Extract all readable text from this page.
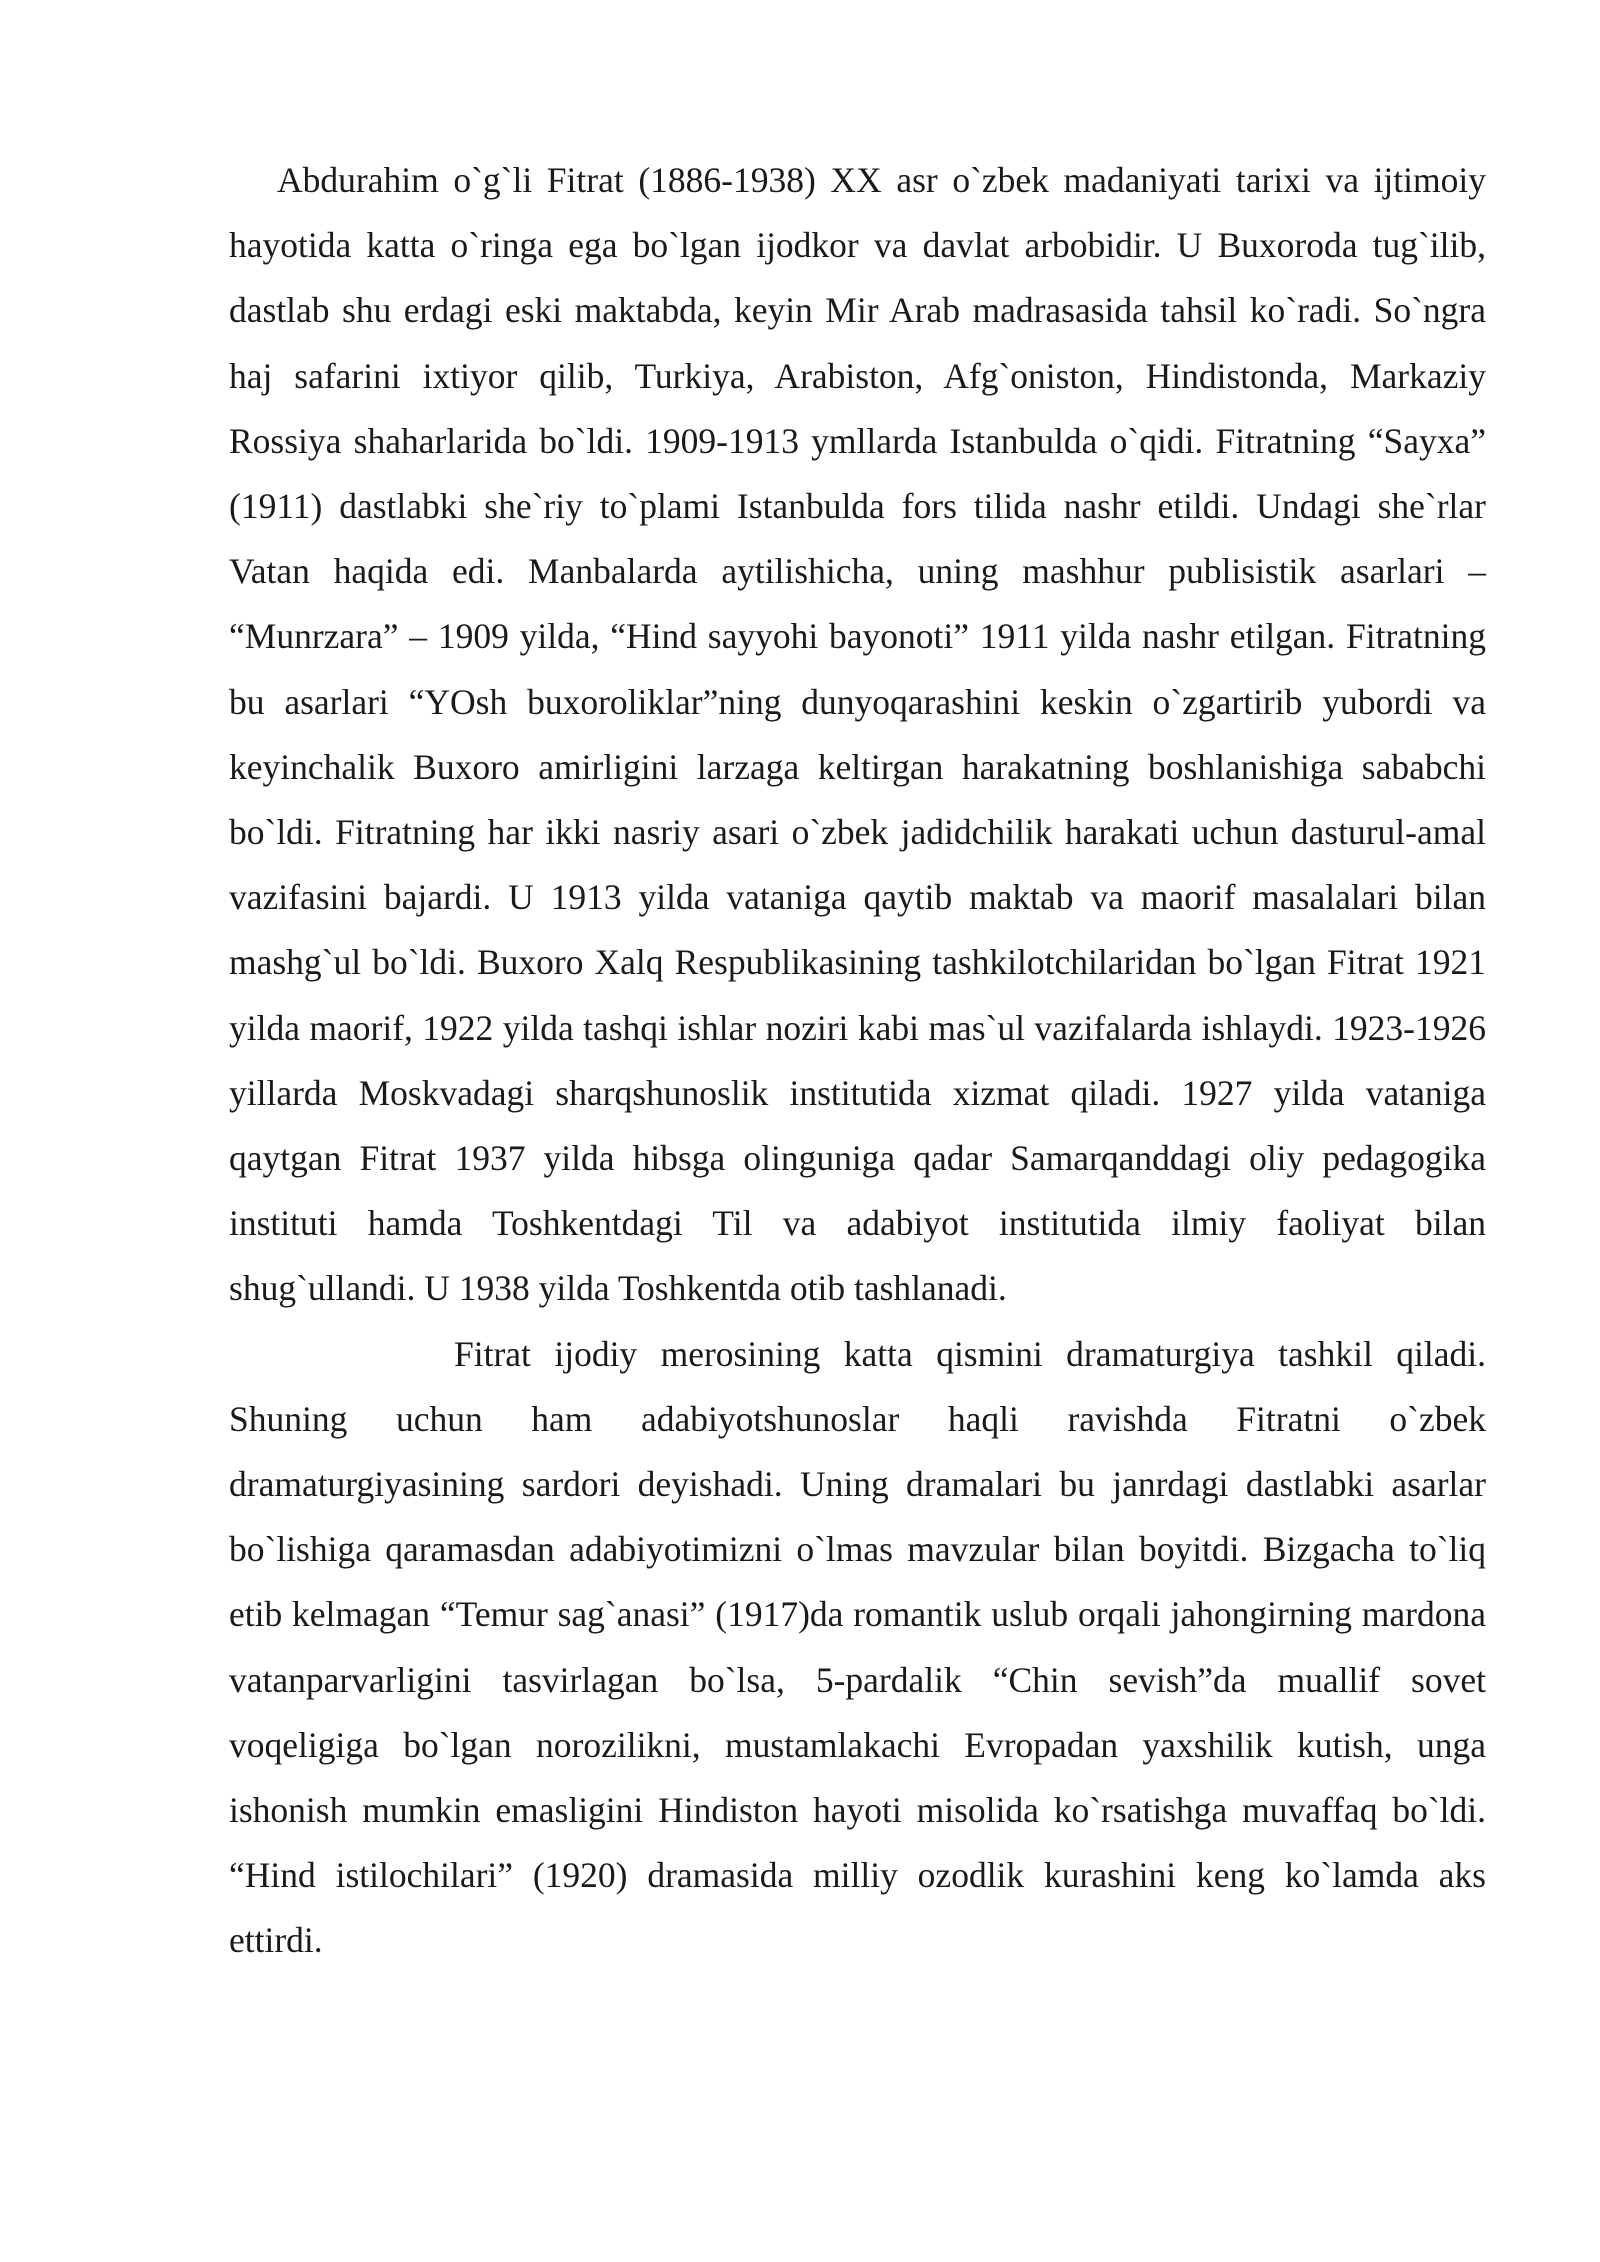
Abdurahim o`g`li Fitrat (1886-1938) XX asr o`zbek madaniyati tarixi va ijtimoiy hayotida katta o`ringa ega bo`lgan ijodkor va davlat arbobidir. U Buxoroda tug`ilib, dastlab shu erdagi eski maktabda, keyin Mir Arab madrasasida tahsil ko`radi. So`ngra haj safarini ixtiyor qilib, Turkiya, Arabiston, Afg`oniston, Hindistonda, Markaziy Rossiya shaharlarida bo`ldi. 1909-1913 ymllarda Istanbulda o`qidi. Fitratning “Sayxa” (1911) dastlabki she`riy to`plami Istanbulda fors tilida nashr etildi. Undagi she`rlar Vatan haqida edi. Manbalarda aytilishicha, uning mashhur publisistik asarlari – “Munrzara” – 1909 yilda, “Hind sayyohi bayonoti” 1911 yilda nashr etilgan. Fitratning bu asarlari “YOsh buxoroliklar”ning dunyoqarashini keskin o`zgartirib yubordi va keyinchalik Buxoro amirligini larzaga keltirgan harakatning boshlanishiga sababchi bo`ldi. Fitratning har ikki nasriy asari o`zbek jadidchilik harakati uchun dasturul-amal vazifasini bajardi. U 1913 yilda vataniga qaytib maktab va maorif masalalari bilan mashg`ul bo`ldi. Buxoro Xalq Respublikasining tashkilotchilaridan bo`lgan Fitrat 1921 yilda maorif, 1922 yilda tashqi ishlar noziri kabi mas`ul vazifalarda ishlaydi. 1923-1926 yillarda Moskvadagi sharqshunoslik institutida xizmat qiladi. 1927 yilda vataniga qaytgan Fitrat 1937 yilda hibsga olinguniga qadar Samarqanddagi oliy pedagogika instituti hamda Toshkentdagi Til va adabiyot institutida ilmiy faoliyat bilan shug`ullandi. U 1938 yilda Toshkentda otib tashlanadi.

Fitrat ijodiy merosining katta qismini dramaturgiya tashkil qiladi. Shuning uchun ham adabiyotshunoslar haqli ravishda Fitratni o`zbek dramaturgiyasining sardori deyishadi. Uning dramalari bu janrdagi dastlabki asarlar bo`lishiga qaramasdan adabiyotimizni o`lmas mavzular bilan boyitdi. Bizgacha to`liq etib kelmagan “Temur sag`anasi” (1917)da romantik uslub orqali jahongirning mardona vatanparvarligini tasvirlagan bo`lsa, 5-pardalik “Chin sevish”da muallif sovet voqeligiga bo`lgan norozilikni, mustamlakachi Evropadan yaxshilik kutish, unga ishonish mumkin emasligini Hindiston hayoti misolida ko`rsatishga muvaffaq bo`ldi. “Hind istilochilari” (1920) dramasida milliy ozodlik kurashini keng ko`lamda aks ettirdi.
